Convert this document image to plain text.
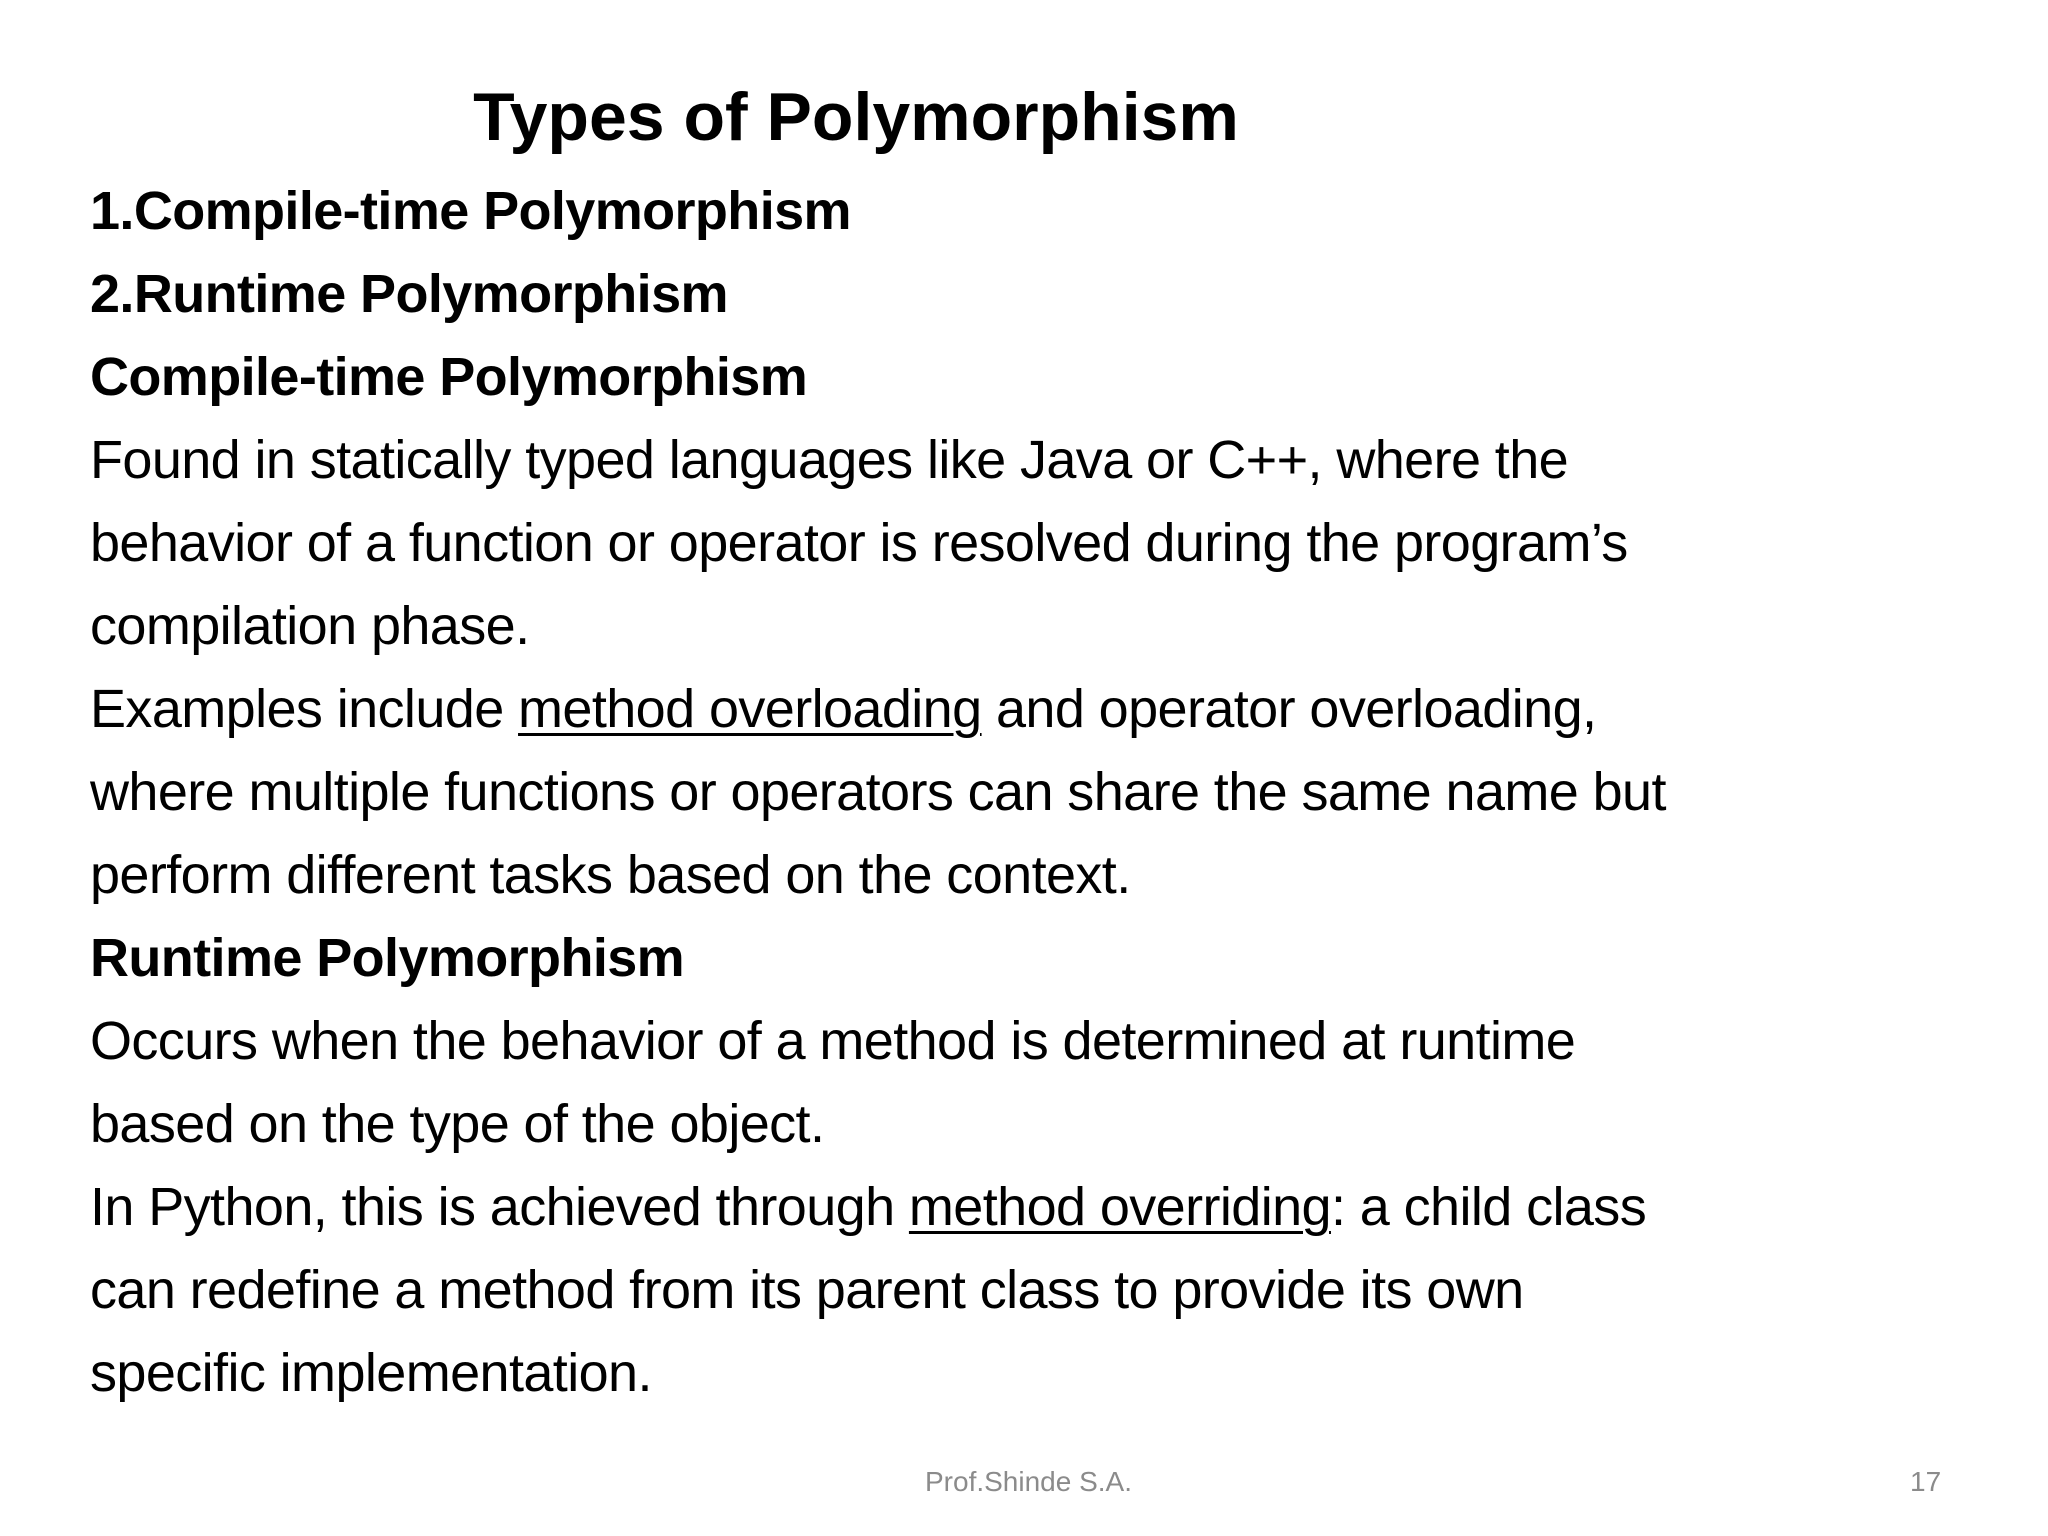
Types of Polymorphism
1.Compile-time Polymorphism
2.Runtime Polymorphism
Compile-time Polymorphism
Found in statically typed languages like Java or C++, where the
behavior of a function or operator is resolved during the program’s
compilation phase.
Examples include method overloading and operator overloading,
where multiple functions or operators can share the same name but
perform different tasks based on the context.
Runtime Polymorphism
Occurs when the behavior of a method is determined at runtime
based on the type of the object.
In Python, this is achieved through method overriding: a child class
can redefine a method from its parent class to provide its own
specific implementation.
Prof.Shinde S.A.	17
